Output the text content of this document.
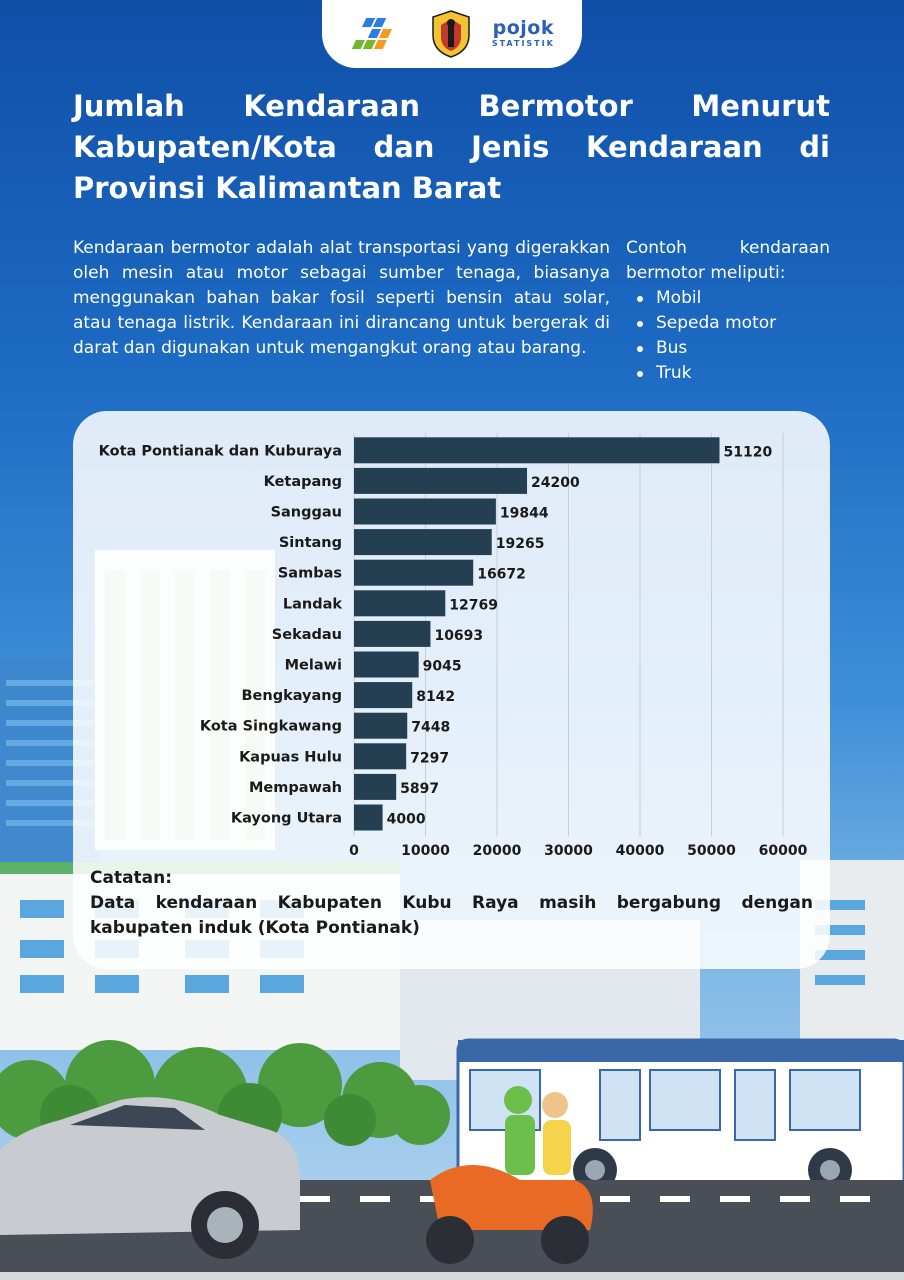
pojok
STATISTIK
Jumlah Kendaraan Bermotor Menurut Kabupaten/Kota dan Jenis Kendaraan di Provinsi Kalimantan Barat

Kendaraan bermotor adalah alat transportasi yang digerakkan oleh mesin atau motor sebagai sumber tenaga, biasanya menggunakan bahan bakar fosil seperti bensin atau solar, atau tenaga listrik. Kendaraan ini dirancang untuk bergerak di darat dan digunakan untuk mengangkut orang atau barang.

Contoh kendaraan bermotor meliputi:

Mobil
Sepeda motor
Bus
Truk
0	10000 20000 30000 40000 50000 60000
Kota Pontianak dan Kuburaya	51120
Ketapang	24200
Sanggau	19844
Sintang	19265
Sambas	16672
Landak	12769
Sekadau	10693
Melawi	9045
Bengkayang	8142
Kota Singkawang	7448
Kapuas Hulu	7297
Mempawah	5897
Kayong Utara	4000

Catatan:

Data kendaraan Kabupaten Kubu Raya masih bergabung dengan kabupaten induk (Kota Pontianak)
